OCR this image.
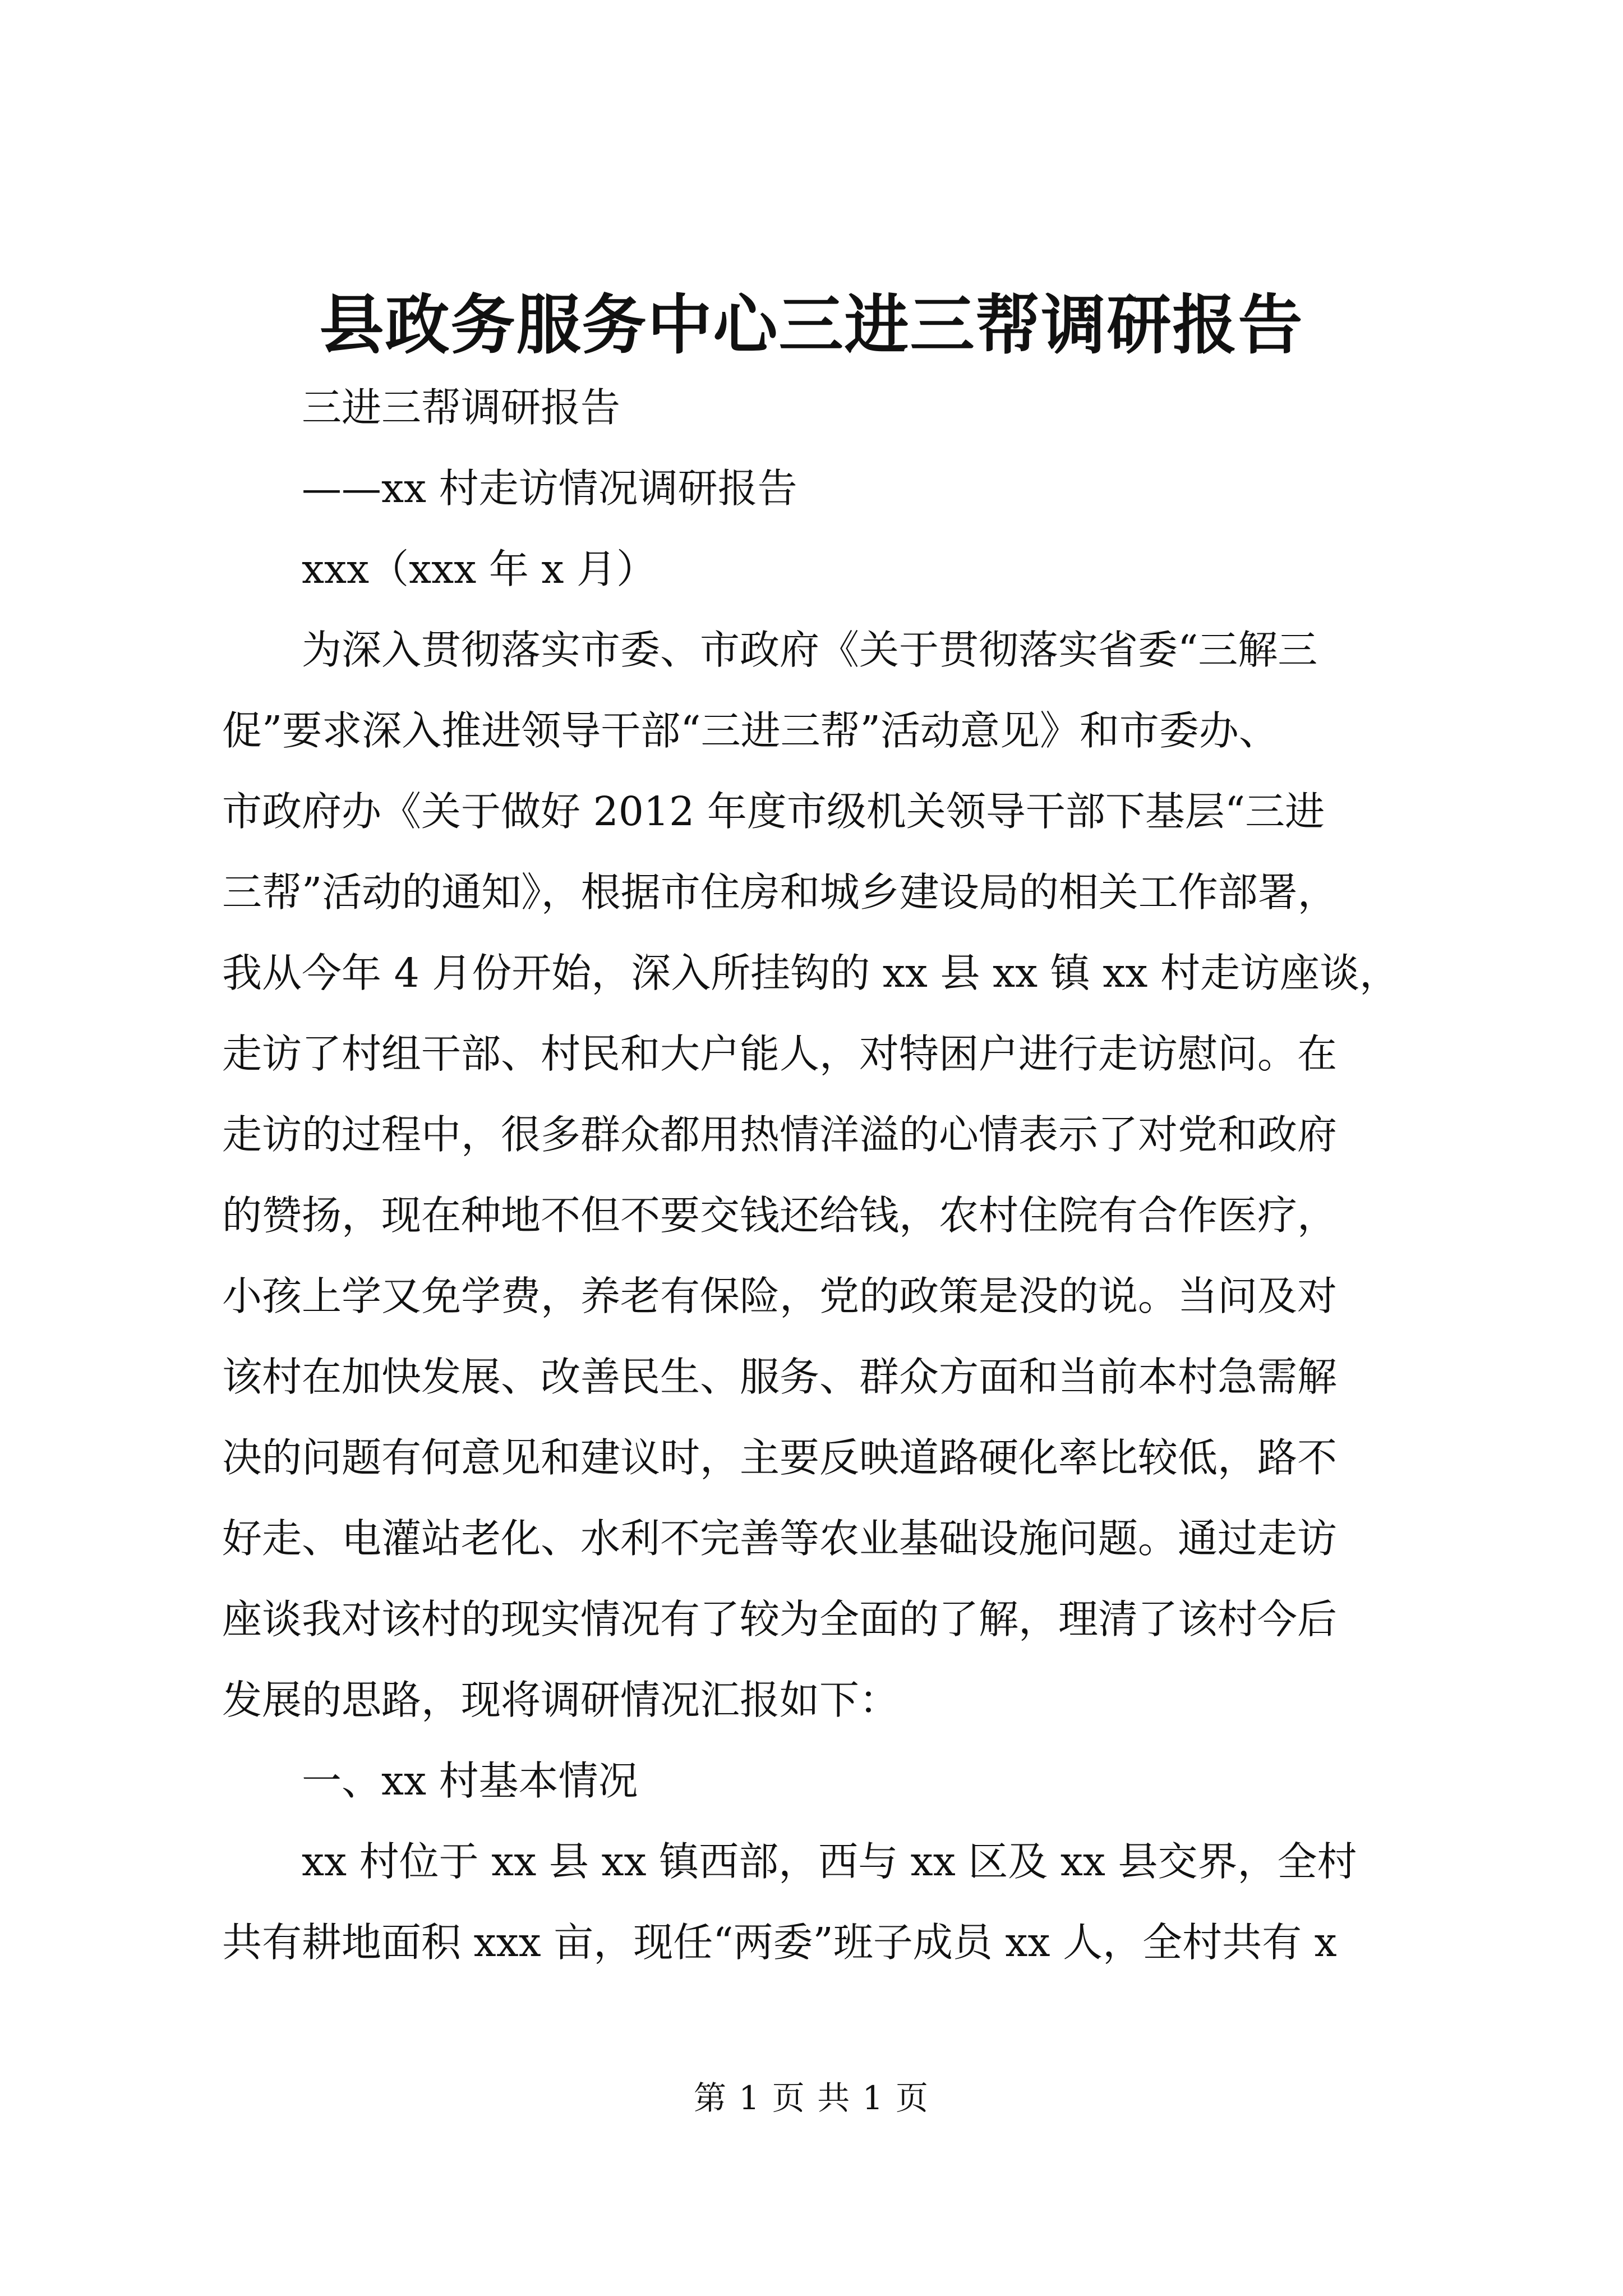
县政务服务中心三进三帮调研报告

三进三帮调研报告

——xx 村走访情况调研报告

xxx（xxx 年 x 月）

为深入贯彻落实市委、市政府《关于贯彻落实省委“三解三

促”要求深入推进领导干部“三进三帮”活动意见》和市委办、

市政府办《关于做好 2012 年度市级机关领导干部下基层“三进

三帮”活动的通知》，根据市住房和城乡建设局的相关工作部署，

我从今年 4 月份开始，深入所挂钩的 xx 县 xx 镇 xx 村走访座谈，

走访了村组干部、村民和大户能人，对特困户进行走访慰问。在

走访的过程中，很多群众都用热情洋溢的心情表示了对党和政府

的赞扬，现在种地不但不要交钱还给钱，农村住院有合作医疗，

小孩上学又免学费，养老有保险，党的政策是没的说。当问及对

该村在加快发展、改善民生、服务、群众方面和当前本村急需解

决的问题有何意见和建议时，主要反映道路硬化率比较低，路不

好走、电灌站老化、水利不完善等农业基础设施问题。通过走访

座谈我对该村的现实情况有了较为全面的了解，理清了该村今后

发展的思路，现将调研情况汇报如下：

一、xx 村基本情况

xx 村位于 xx 县 xx 镇西部，西与 xx 区及 xx 县交界，全村

共有耕地面积 xxx 亩，现任“两委”班子成员 xx 人，全村共有 x

第 1 页 共 1 页
